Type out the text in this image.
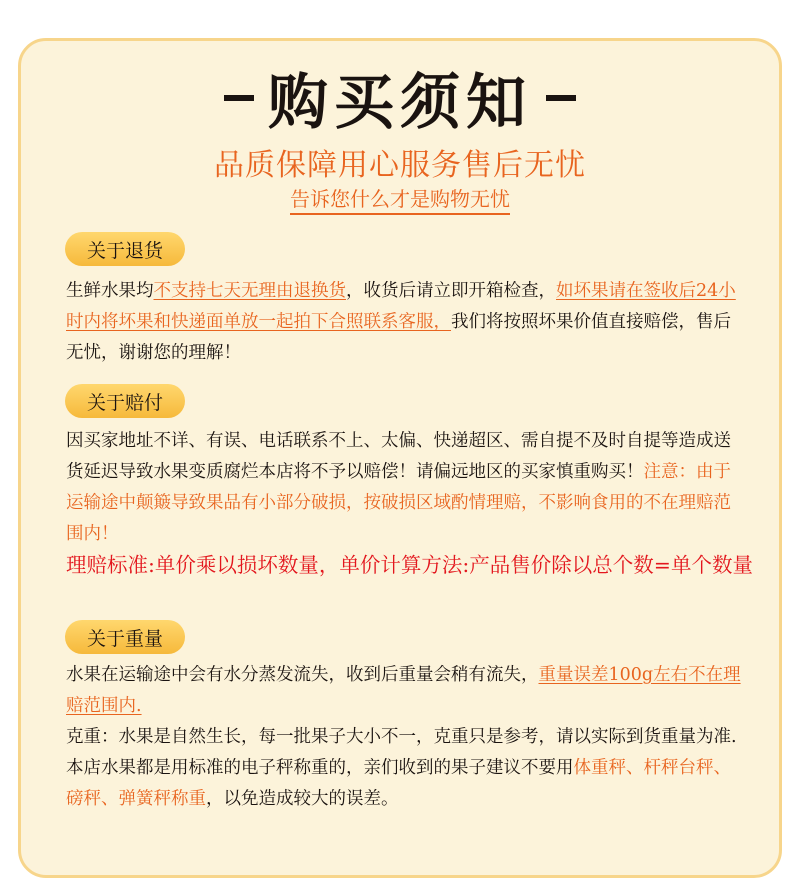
购买须知
品质保障用心服务售后无忧
告诉您什么才是购物无忧
关于退货
生鲜水果均不支持七天无理由退换货，收货后请立即开箱检查，如坏果请在签收后24小时内将坏果和快递面单放一起拍下合照联系客服，我们将按照坏果价值直接赔偿，售后无忧，谢谢您的理解！
关于赔付
因买家地址不详、有误、电话联系不上、太偏、快递超区、需自提不及时自提等造成送货延迟导致水果变质腐烂本店将不予以赔偿！请偏远地区的买家慎重购买！注意：由于运输途中颠簸导致果品有小部分破损，按破损区域酌情理赔，不影响食用的不在理赔范围内！
理赔标准:单价乘以损坏数量，单价计算方法:产品售价除以总个数=单个数量
关于重量
水果在运输途中会有水分蒸发流失，收到后重量会稍有流失，重量误差100g左右不在理赔范围内.
克重：水果是自然生长，每一批果子大小不一，克重只是参考，请以实际到货重量为准.
本店水果都是用标准的电子秤称重的，亲们收到的果子建议不要用体重秤、杆秤台秤、磅秤、弹簧秤称重，以免造成较大的误差。
